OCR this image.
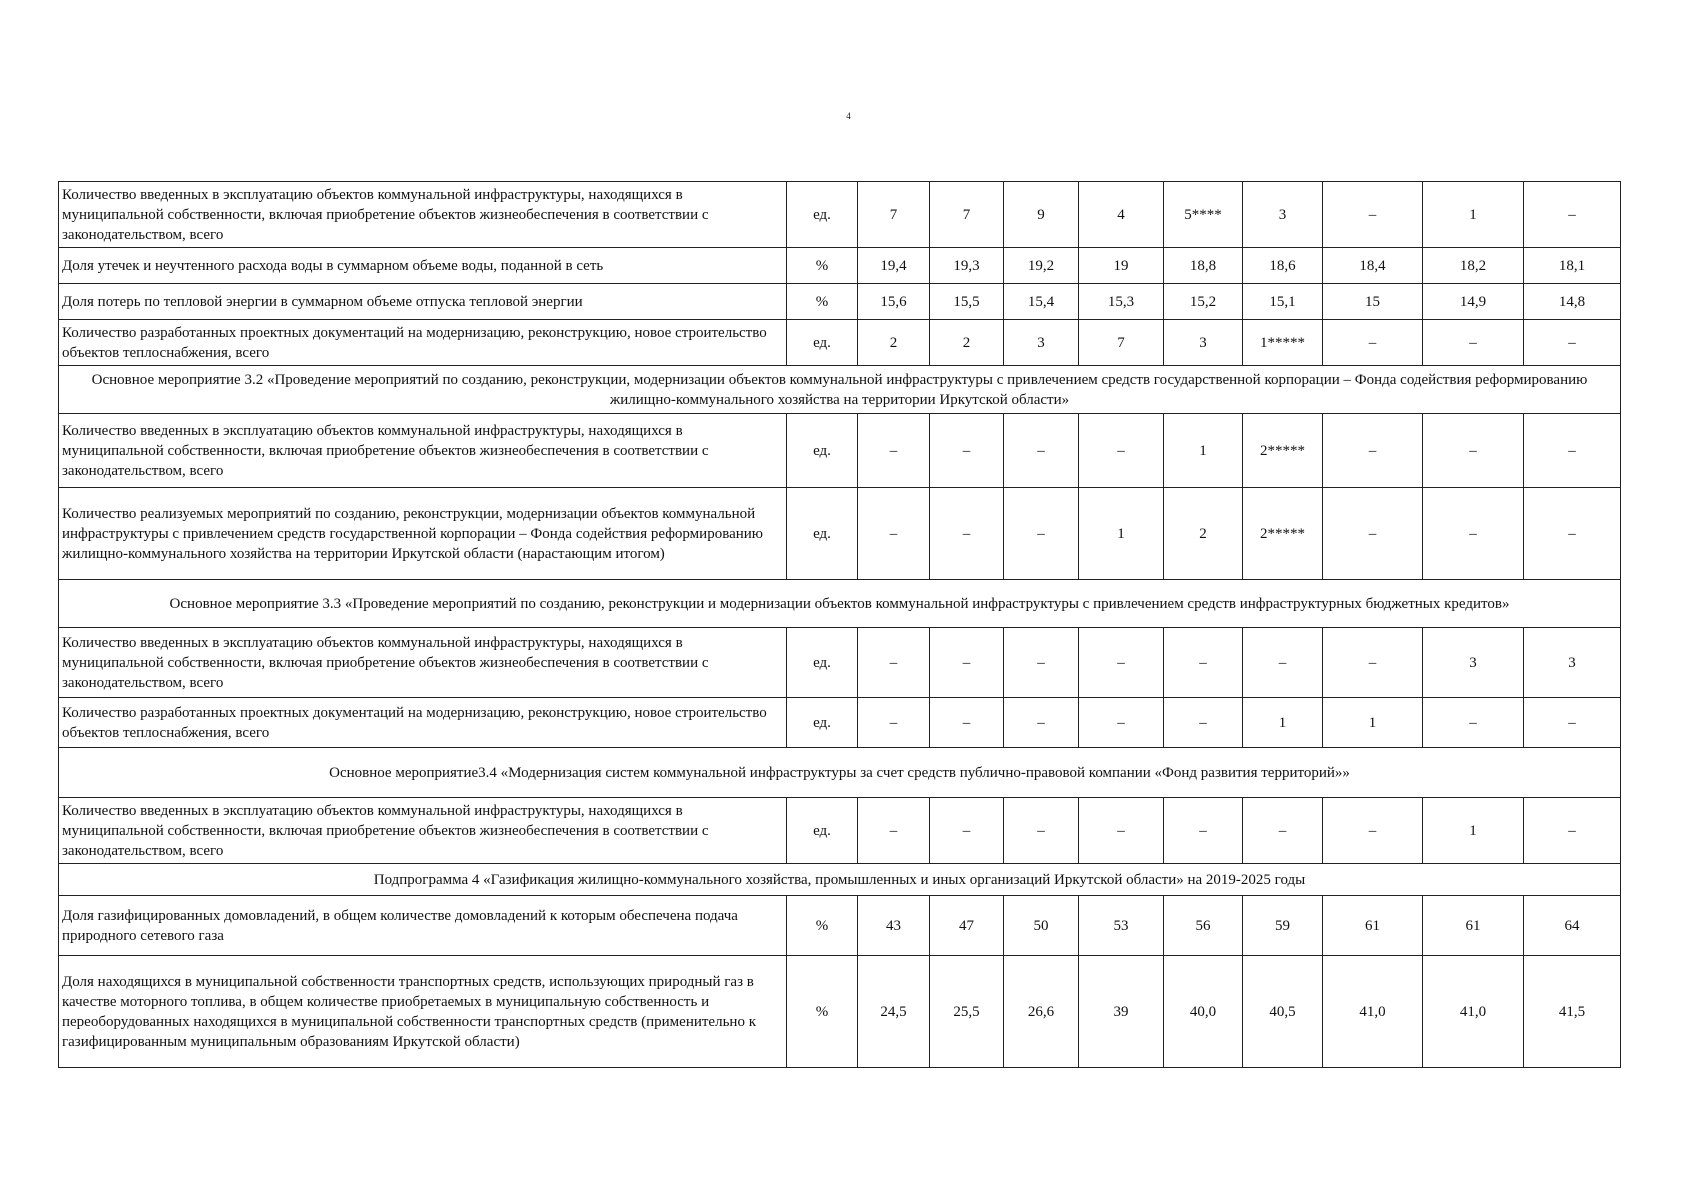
4
Количество введенных в эксплуатацию объектов коммунальной инфраструктуры, находящихся в муниципальной собственности, включая приобретение объектов жизнеобеспечения в соответствии с законодательством, всего	ед.	7	7	9	4	5****	3	–	1	–
Доля утечек и неучтенного расхода воды в суммарном объеме воды, поданной в сеть	%	19,4	19,3	19,2	19	18,8	18,6	18,4	18,2	18,1
Доля потерь по тепловой энергии в суммарном объеме отпуска тепловой энергии	%	15,6	15,5	15,4	15,3	15,2	15,1	15	14,9	14,8
Количество разработанных проектных документаций на модернизацию, реконструкцию, новое строительство объектов теплоснабжения, всего	ед.	2	2	3	7	3	1*****	–	–	–
Основное мероприятие 3.2 «Проведение мероприятий по созданию, реконструкции, модернизации объектов коммунальной инфраструктуры с привлечением средств государственной корпорации – Фонда содействия реформированию жилищно-коммунального хозяйства на территории Иркутской области»										
Количество введенных в эксплуатацию объектов коммунальной инфраструктуры, находящихся в муниципальной собственности, включая приобретение объектов жизнеобеспечения в соответствии с законодательством, всего	ед.	–	–	–	–	1	2*****	–	–	–
Количество реализуемых мероприятий по созданию, реконструкции, модернизации объектов коммунальной инфраструктуры с привлечением средств государственной корпорации – Фонда содействия реформированию жилищно-коммунального хозяйства на территории Иркутской области (нарастающим итогом)	ед.	–	–	–	1	2	2*****	–	–	–
Основное мероприятие 3.3 «Проведение мероприятий по созданию, реконструкции и модернизации объектов коммунальной инфраструктуры с привлечением средств инфраструктурных бюджетных кредитов»										
Количество введенных в эксплуатацию объектов коммунальной инфраструктуры, находящихся в муниципальной собственности, включая приобретение объектов жизнеобеспечения в соответствии с законодательством, всего	ед.	–	–	–	–	–	–	–	3	3
Количество разработанных проектных документаций на модернизацию, реконструкцию, новое строительство объектов теплоснабжения, всего	ед.	–	–	–	–	–	1	1	–	–
Основное мероприятие3.4 «Модернизация систем коммунальной инфраструктуры за счет средств публично-правовой компании «Фонд развития территорий»»										
Количество введенных в эксплуатацию объектов коммунальной инфраструктуры, находящихся в муниципальной собственности, включая приобретение объектов жизнеобеспечения в соответствии с законодательством, всего	ед.	–	–	–	–	–	–	–	1	–
Подпрограмма 4 «Газификация жилищно-коммунального хозяйства, промышленных и иных организаций Иркутской области» на 2019-2025 годы										
Доля газифицированных домовладений, в общем количестве домовладений к которым обеспечена подача природного сетевого газа	%	43	47	50	53	56	59	61	61	64
Доля находящихся в муниципальной собственности транспортных средств, использующих природный газ в качестве моторного топлива, в общем количестве приобретаемых в муниципальную собственность и переоборудованных находящихся в муниципальной собственности транспортных средств (применительно к газифицированным муниципальным образованиям Иркутской области)	%	24,5	25,5	26,6	39	40,0	40,5	41,0	41,0	41,5
